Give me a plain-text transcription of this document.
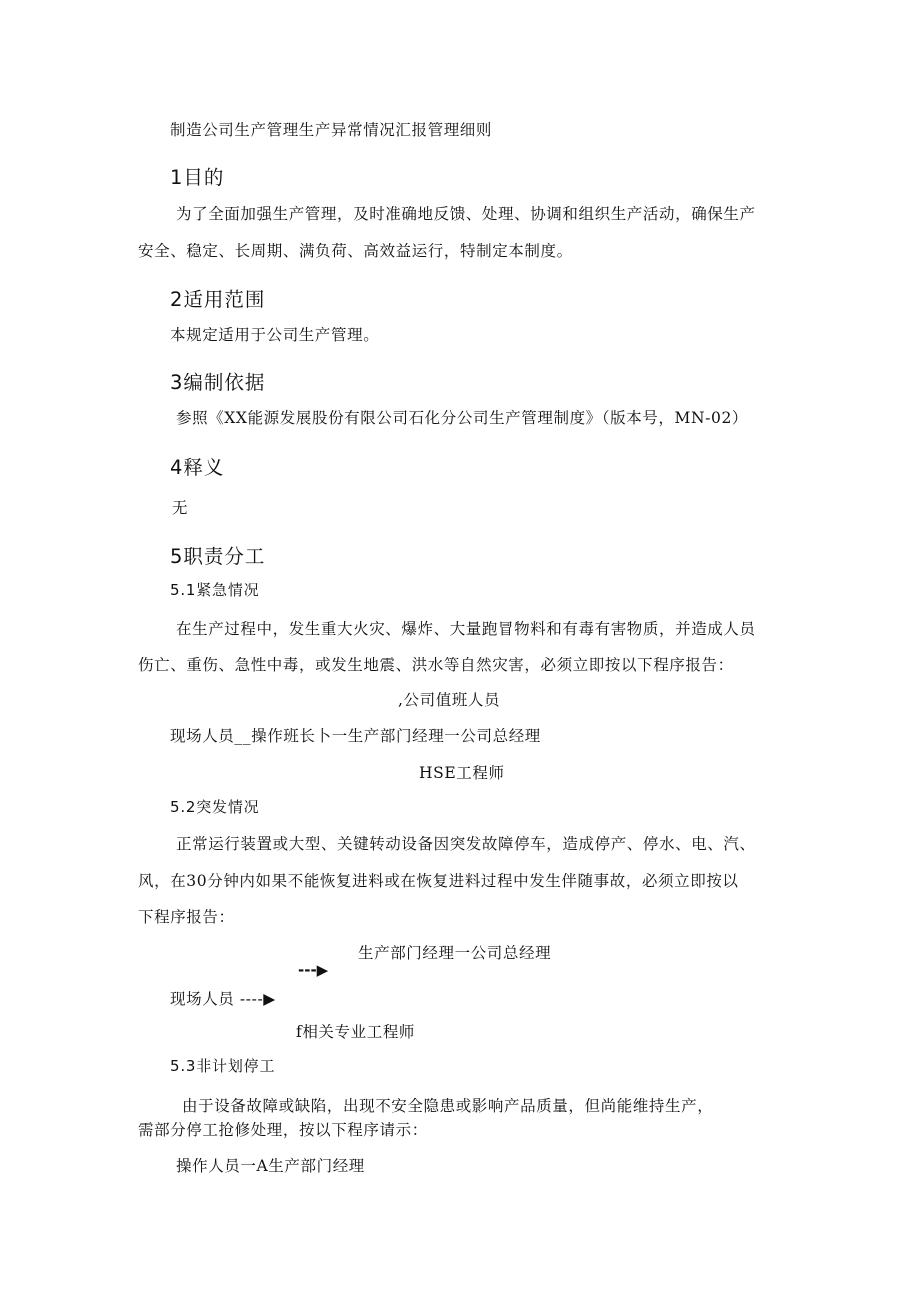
制造公司生产管理生产异常情况汇报管理细则
1目的
为了全面加强生产管理，及时准确地反馈、处理、协调和组织生产活动，确保生产
安全、稳定、长周期、满负荷、高效益运行，特制定本制度。
2适用范围
本规定适用于公司生产管理。
3编制依据
参照《XX能源发展股份有限公司石化分公司生产管理制度》（版本号，MN-02）
4释义
无
5职责分工
5.1紧急情况
在生产过程中，发生重大火灾、爆炸、大量跑冒物料和有毒有害物质，并造成人员
伤亡、重伤、急性中毒，或发生地震、洪水等自然灾害，必须立即按以下程序报告：
,公司值班人员
现场人员__操作班长卜一生产部门经理一公司总经理
HSE工程师
5.2突发情况
正常运行装置或大型、关键转动设备因突发故障停车，造成停产、停水、电、汽、
风，在30分钟内如果不能恢复进料或在恢复进料过程中发生伴随事故，必须立即按以
下程序报告：
生产部门经理一公司总经理
---▶
现场人员 ----▶
f相关专业工程师
5.3非计划停工
由于设备故障或缺陷，出现不安全隐患或影响产品质量，但尚能维持生产，
需部分停工抢修处理，按以下程序请示：
操作人员一A生产部门经理
